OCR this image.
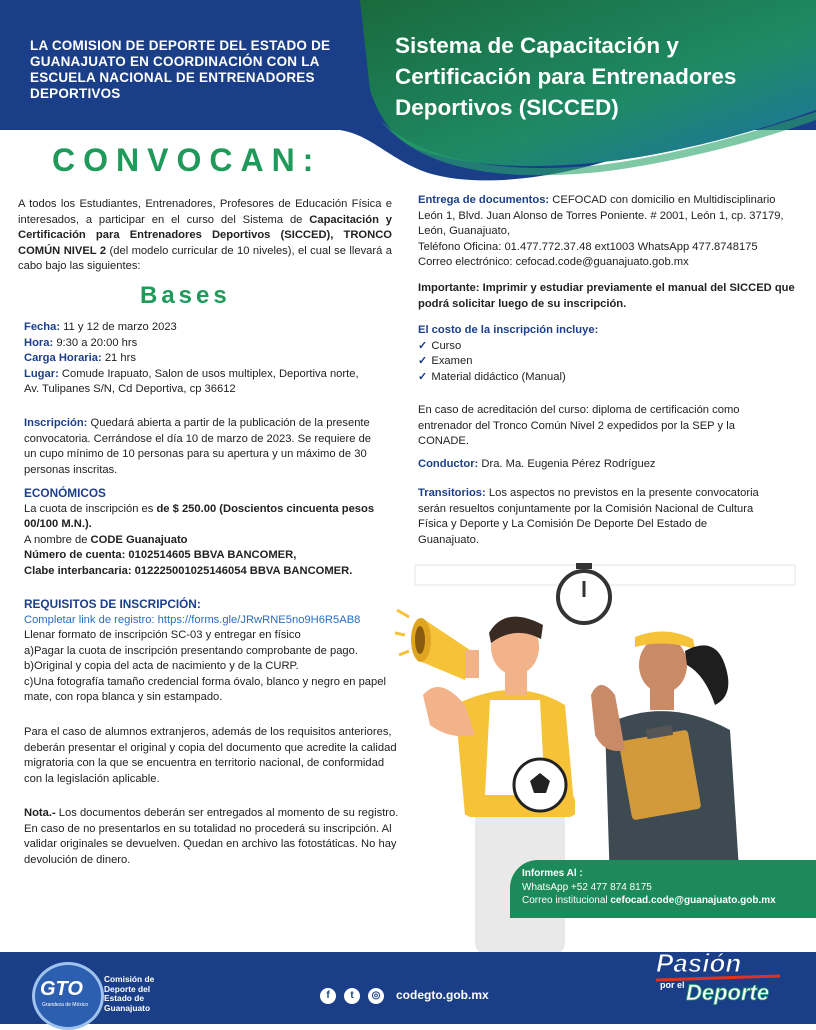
LA COMISION DE DEPORTE DEL ESTADO DE GUANAJUATO EN COORDINACIÓN CON LA ESCUELA NACIONAL DE ENTRENADORES DEPORTIVOS
Sistema de Capacitación y Certificación para Entrenadores Deportivos (SICCED)
CONVOCAN:
A todos los Estudiantes, Entrenadores, Profesores de Educación Física e interesados, a participar en el curso del Sistema de Capacitación y Certificación para Entrenadores Deportivos (SICCED), TRONCO COMÚN NIVEL 2 (del modelo curricular de 10 niveles), el cual se llevará a cabo bajo las siguientes:
Bases
Fecha: 11 y 12 de marzo 2023
Hora: 9:30 a 20:00 hrs
Carga Horaria: 21 hrs
Lugar: Comude Irapuato, Salon de usos multiplex, Deportiva norte, Av. Tulipanes S/N, Cd Deportiva, cp 36612
Inscripción: Quedará abierta a partir de la publicación de la presente convocatoria. Cerrándose el día 10 de marzo de 2023. Se requiere de un cupo mínimo de 10 personas para su apertura y un máximo de 30 personas inscritas.
ECONÓMICOS
La cuota de inscripción es de $ 250.00 (Doscientos cincuenta pesos 00/100 M.N.).
A nombre de CODE Guanajuato
Número de cuenta: 0102514605 BBVA BANCOMER,
Clabe interbancaria: 012225001025146054 BBVA BANCOMER.
REQUISITOS DE INSCRIPCIÓN:
Completar link de registro: https://forms.gle/JRwRNE5no9H6R5AB8
Llenar formato de inscripción SC-03 y entregar en físico
a)Pagar la cuota de inscripción presentando comprobante de pago.
b)Original y copia del acta de nacimiento y de la CURP.
c)Una fotografía tamaño credencial forma óvalo, blanco y negro en papel mate, con ropa blanca y sin estampado.
Para el caso de alumnos extranjeros, además de los requisitos anteriores, deberán presentar el original y copia del documento que acredite la calidad migratoria con la que se encuentra en territorio nacional, de conformidad con la legislación aplicable.
Nota.- Los documentos deberán ser entregados al momento de su registro. En caso de no presentarlos en su totalidad no procederá su inscripción. Al validar originales se devuelven. Quedan en archivo las fotostáticas. No hay devolución de dinero.
Entrega de documentos: CEFOCAD con domicilio en Multidisciplinario León 1, Blvd. Juan Alonso de Torres Poniente. # 2001, León 1, cp. 37179, León, Guanajuato,
Teléfono Oficina: 01.477.772.37.48 ext1003 WhatsApp 477.8748175
Correo electrónico: cefocad.code@guanajuato.gob.mx
Importante: Imprimir y estudiar previamente el manual del SICCED que podrá solicitar luego de su inscripción.
El costo de la inscripción incluye:
✓ Curso
✓ Examen
✓ Material didáctico (Manual)
En caso de acreditación del curso: diploma de certificación como entrenador del Tronco Común Nivel 2 expedidos por la SEP y la CONADE.
Conductor: Dra. Ma. Eugenia Pérez Rodríguez
Transitorios: Los aspectos no previstos en la presente convocatoria serán resueltos conjuntamente por la Comisión Nacional de Cultura Física y Deporte y La Comisión De Deporte Del Estado de Guanajuato.
Informes Al :
WhatsApp +52 477 874 8175
Correo institucional cefocad.code@guanajuato.gob.mx
GTO
Grandeza de México
Comisión de Deporte del Estado de Guanajuato
f	t	◎	codegto.gob.mx
Pasión
por el Deporte
